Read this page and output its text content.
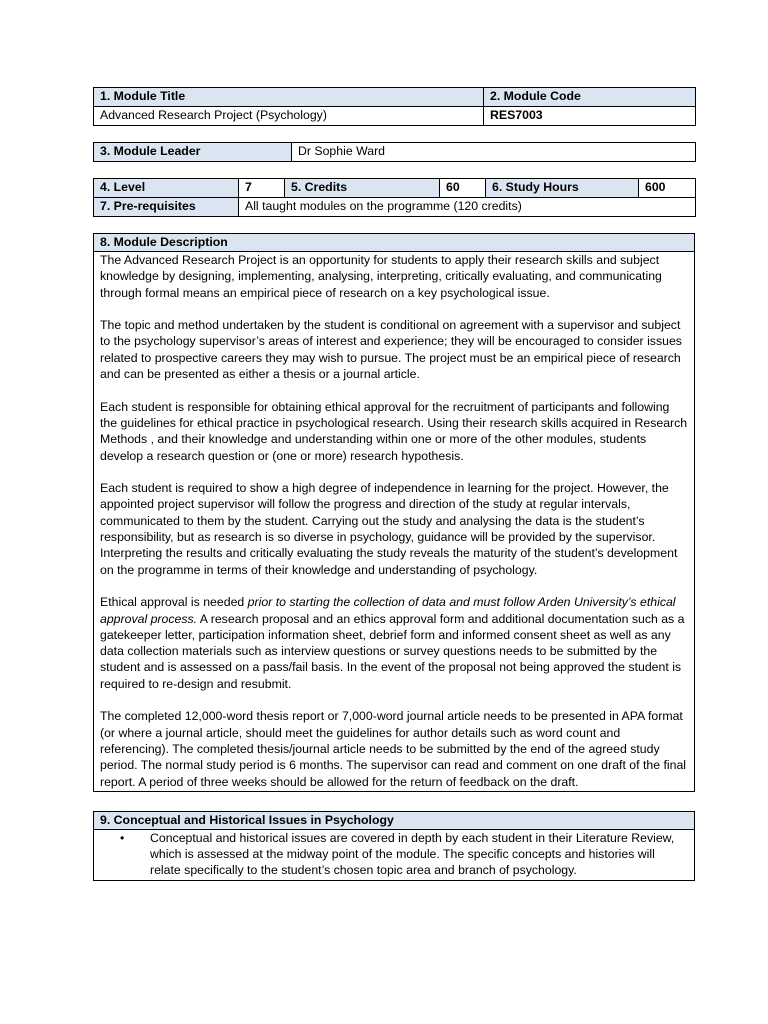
1. Module Title	2. Module Code
Advanced Research Project (Psychology)	RES7003
3. Module Leader	Dr Sophie Ward
4. Level	7	5. Credits	60	6. Study Hours	600
7. Pre-requisites	All taught modules on the programme (120 credits)				
8. Module Description

The Advanced Research Project is an opportunity for students to apply their research skills and subject knowledge by designing, implementing, analysing, interpreting, critically evaluating, and communicating through formal means an empirical piece of research on a key psychological issue.

The topic and method undertaken by the student is conditional on agreement with a supervisor and subject to the psychology supervisor’s areas of interest and experience; they will be encouraged to consider issues related to prospective careers they may wish to pursue. The project must be an empirical piece of research and can be presented as either a thesis or a journal article.

Each student is responsible for obtaining ethical approval for the recruitment of participants and following the guidelines for ethical practice in psychological research. Using their research skills acquired in Research Methods , and their knowledge and understanding within one or more of the other modules, students develop a research question or (one or more) research hypothesis.

Each student is required to show a high degree of independence in learning for the project. However, the appointed project supervisor will follow the progress and direction of the study at regular intervals, communicated to them by the student. Carrying out the study and analysing the data is the student’s responsibility, but as research is so diverse in psychology, guidance will be provided by the supervisor. Interpreting the results and critically evaluating the study reveals the maturity of the student’s development on the programme in terms of their knowledge and understanding of psychology.

Ethical approval is needed prior to starting the collection of data and must follow Arden University’s ethical approval process. A research proposal and an ethics approval form and additional documentation such as a gatekeeper letter, participation information sheet, debrief form and informed consent sheet as well as any data collection materials such as interview questions or survey questions needs to be submitted by the student and is assessed on a pass/fail basis. In the event of the proposal not being approved the student is required to re-design and resubmit.

The completed 12,000-word thesis report or 7,000-word journal article needs to be presented in APA format (or where a journal article, should meet the guidelines for author details such as word count and referencing). The completed thesis/journal article needs to be submitted by the end of the agreed study period. The normal study period is 6 months. The supervisor can read and comment on one draft of the final report. A period of three weeks should be allowed for the return of feedback on the draft.

9. Conceptual and Historical Issues in Psychology

•	Conceptual and historical issues are covered in depth by each student in their Literature Review, which is assessed at the midway point of the module. The specific concepts and histories will relate specifically to the student’s chosen topic area and branch of psychology.
